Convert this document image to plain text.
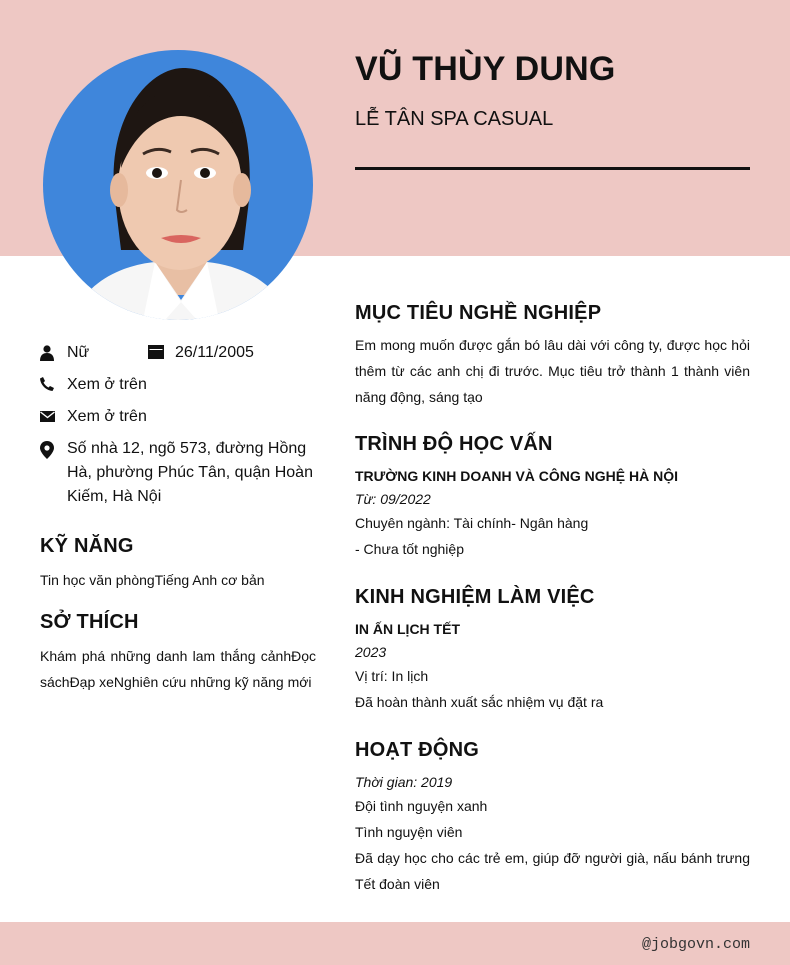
VŨ THÙY DUNG
LỄ TÂN SPA CASUAL
Nữ	26/11/2005
Xem ở trên
Xem ở trên
Số nhà 12, ngõ 573, đường Hồng Hà, phường Phúc Tân, quận Hoàn Kiếm, Hà Nội
KỸ NĂNG
Tin học văn phòngTiếng Anh cơ bản
SỞ THÍCH
Khám phá những danh lam thắng cảnhĐọc sáchĐạp xeNghiên cứu những kỹ năng mới
MỤC TIÊU NGHỀ NGHIỆP
Em mong muốn được gắn bó lâu dài với công ty, được học hỏi thêm từ các anh chị đi trước. Mục tiêu trở thành 1 thành viên năng động, sáng tạo
TRÌNH ĐỘ HỌC VẤN
TRƯỜNG KINH DOANH VÀ CÔNG NGHỆ HÀ NỘI
Từ: 09/2022
Chuyên ngành: Tài chính- Ngân hàng
- Chưa tốt nghiệp
KINH NGHIỆM LÀM VIỆC
IN ẤN LỊCH TẾT
2023
Vị trí: In lịch
Đã hoàn thành xuất sắc nhiệm vụ đặt ra
HOẠT ĐỘNG
Thời gian: 2019
Đội tình nguyện xanh
Tình nguyện viên
Đã dạy học cho các trẻ em, giúp đỡ người già, nấu bánh trưng Tết đoàn viên
@jobgovn.com
